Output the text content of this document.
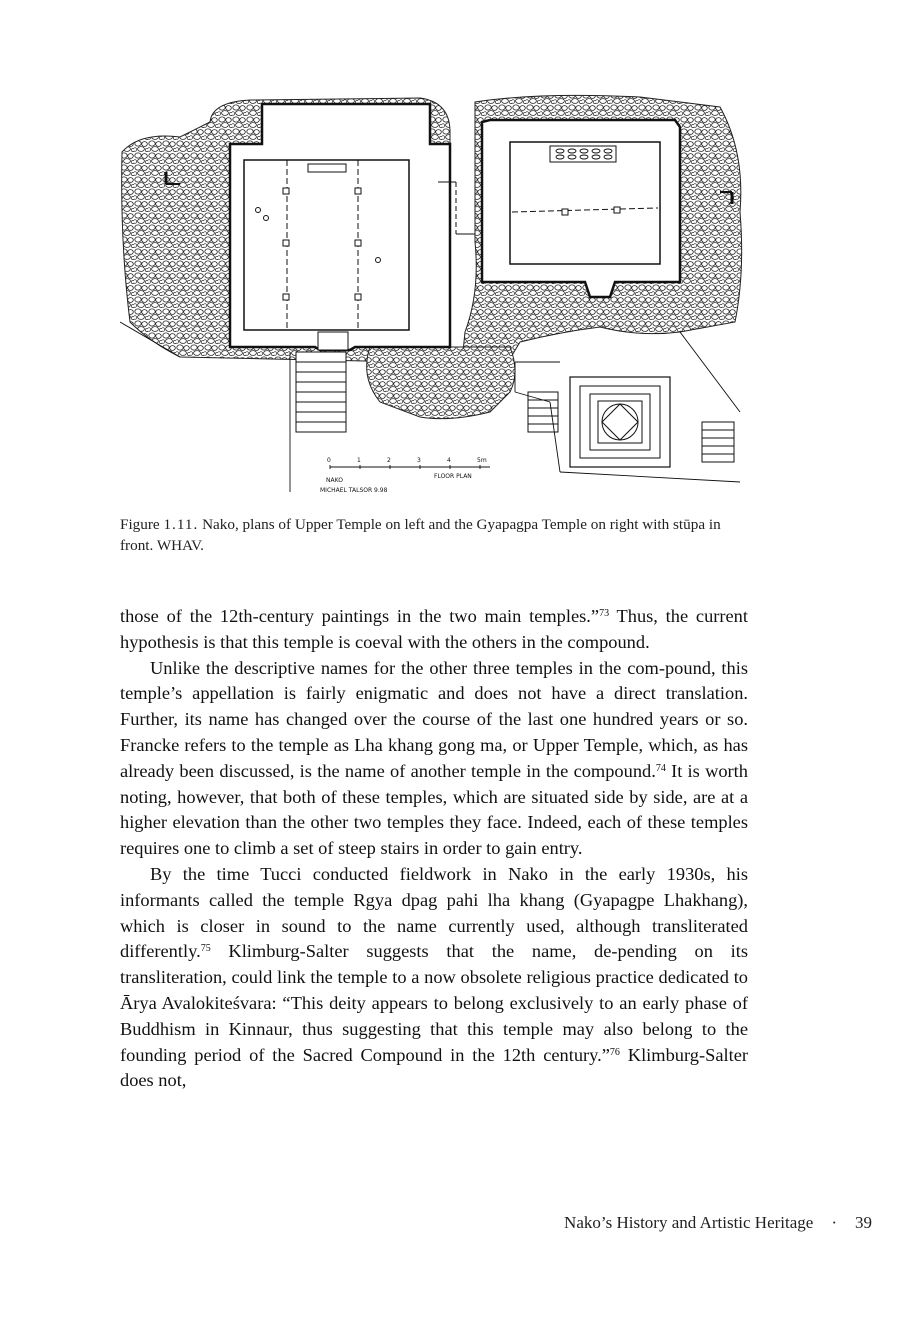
0	1	2	3	4	5m
NAKO
FLOOR PLAN
MICHAEL TALSOR 9.98

Figure 1.11. Nako, plans of Upper Temple on left and the Gyapagpa Temple on right with stūpa in front. WHAV.

those of the 12th-century paintings in the two main temples.”$^{73}$ Thus, the current hypothesis is that this temple is coeval with the others in the compound.

Unlike the descriptive names for the other three temples in the com-pound, this temple’s appellation is fairly enigmatic and does not have a direct translation. Further, its name has changed over the course of the last one hundred years or so. Francke refers to the temple as Lha khang gong ma, or Upper Temple, which, as has already been discussed, is the name of another temple in the compound.$^{74}$ It is worth noting, however, that both of these temples, which are situated side by side, are at a higher elevation than the other two temples they face. Indeed, each of these temples requires one to climb a set of steep stairs in order to gain entry.

By the time Tucci conducted fieldwork in Nako in the early 1930s, his informants called the temple Rgya dpag pahi lha khang (Gyapagpe Lhakhang), which is closer in sound to the name currently used, although transliterated differently.$^{75}$ Klimburg-Salter suggests that the name, de-pending on its transliteration, could link the temple to a now obsolete religious practice dedicated to Ārya Avalokiteśvara: “This deity appears to belong exclusively to an early phase of Buddhism in Kinnaur, thus suggesting that this temple may also belong to the founding period of the Sacred Compound in the 12th century.”$^{76}$ Klimburg-Salter does not,

Nako’s History and Artistic Heritage · 39
